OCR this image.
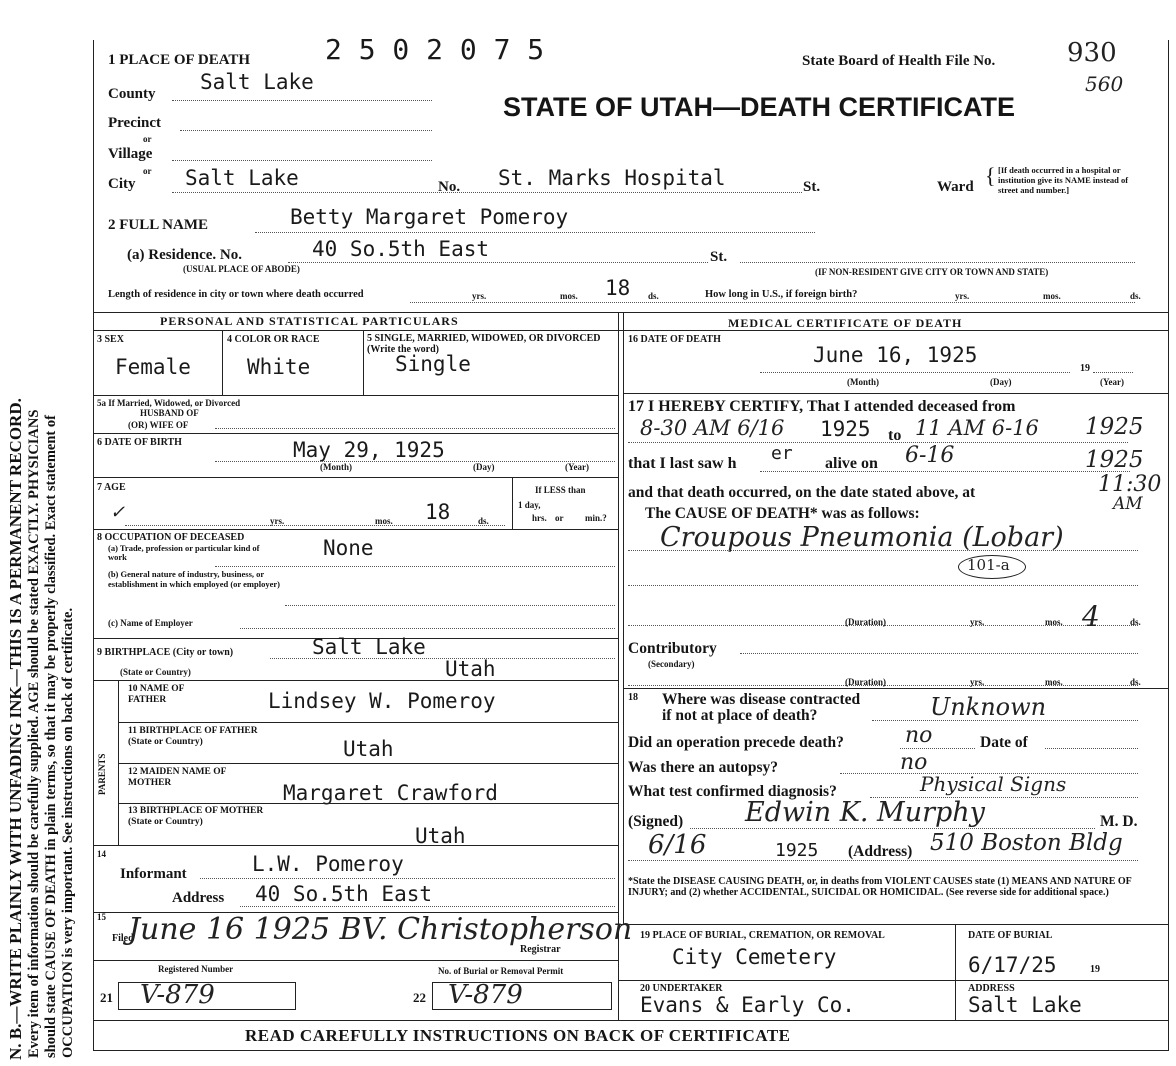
N. B.—WRITE PLAINLY WITH UNFADING INK—THIS IS A PERMANENT RECORD. Every item of information should be carefully supplied. AGE should be stated EXACTLY. PHYSICIANS should state CAUSE OF DEATH in plain terms, so that it may be properly classified. Exact statement of OCCUPATION is very important. See instructions on back of certificate.
1 PLACE OF DEATH	2 5 0 2 0 7 5	State Board of Health File No.	930
560
STATE OF UTAH—DEATH CERTIFICATE
County Salt Lake
Precinct
or
Village
or
City Salt Lake	No. St. Marks Hospital	St.	Ward { [If death occurred in a hospital or institution give its NAME instead of street and number.]
2 FULL NAME	Betty Margaret Pomeroy
(a) Residence. No.
(USUAL PLACE OF ABODE)
40 So.5th East	St.
(IF NON-RESIDENT GIVE CITY OR TOWN AND STATE)
Length of residence in city or town where death occurred	yrs.	mos. 18 ds.	How long in U.S., if foreign birth?	yrs.	mos.	ds.
PERSONAL AND STATISTICAL PARTICULARS	MEDICAL CERTIFICATE OF DEATH
3 SEX
Female
4 COLOR OR RACE
White
5 SINGLE, MARRIED, WIDOWED, OR DIVORCED (Write the word)
Single
5a If Married, Widowed, or Divorced
HUSBAND OF
(OR) WIFE OF
6 DATE OF BIRTH	May 29, 1925
(Month)	(Day)	(Year)
7 AGE
✓	yrs.	mos. 18	ds.
If LESS than
1 day,
hrs. or min.?
8 OCCUPATION OF DECEASED	None
(a) Trade, profession or particular kind of work
(b) General nature of industry, business, or establishment in which employed (or employer)
(c) Name of Employer
9 BIRTHPLACE (City or town)	Salt Lake
(State or Country)	Utah
PARENTS
10 NAME OF FATHER	Lindsey W. Pomeroy
11 BIRTHPLACE OF FATHER (State or Country)	Utah
12 MAIDEN NAME OF MOTHER	Margaret Crawford
13 BIRTHPLACE OF MOTHER (State or Country)
Utah
14
Informant	L.W. Pomeroy
Address 40 So.5th East
15
Filed
June 16 1925 BV. Christopherson
Registrar
Registered Number	No. of Burial or Removal Permit
21 V-879	22 V-879
16 DATE OF DEATH
June 16, 1925
19
(Month)	(Day)	(Year)
17 I HEREBY CERTIFY, That I attended deceased from
8-30 AM 6/16 1925 to 11 AM 6-16 1925
that I last saw h er alive on 6-16	1925
and that death occurred, on the date stated above, at	11:30
AM
The CAUSE OF DEATH* was as follows:
Croupous Pneumonia (Lobar)
101-a
(Duration)	yrs.	mos. 4	ds.
Contributory
(Secondary)
(Duration)	yrs.	mos.	ds.
18 Where was disease contracted
if not at place of death?	Unknown
Did an operation precede death?	no	Date of
Was there an autopsy?	no
What test confirmed diagnosis?	Physical Signs
(Signed) Edwin K. Murphy	M. D.
6/16	1925 (Address) 510 Boston Bldg
*State the DISEASE CAUSING DEATH, or, in deaths from VIOLENT CAUSES state (1) MEANS AND NATURE OF INJURY; and (2) whether ACCIDENTAL, SUICIDAL OR HOMICIDAL. (See reverse side for additional space.)
19 PLACE OF BURIAL, CREMATION, OR REMOVAL
City Cemetery
DATE OF BURIAL
6/17/25	19
20 UNDERTAKER
Evans & Early Co.
ADDRESS
Salt Lake
READ CAREFULLY INSTRUCTIONS ON BACK OF CERTIFICATE
